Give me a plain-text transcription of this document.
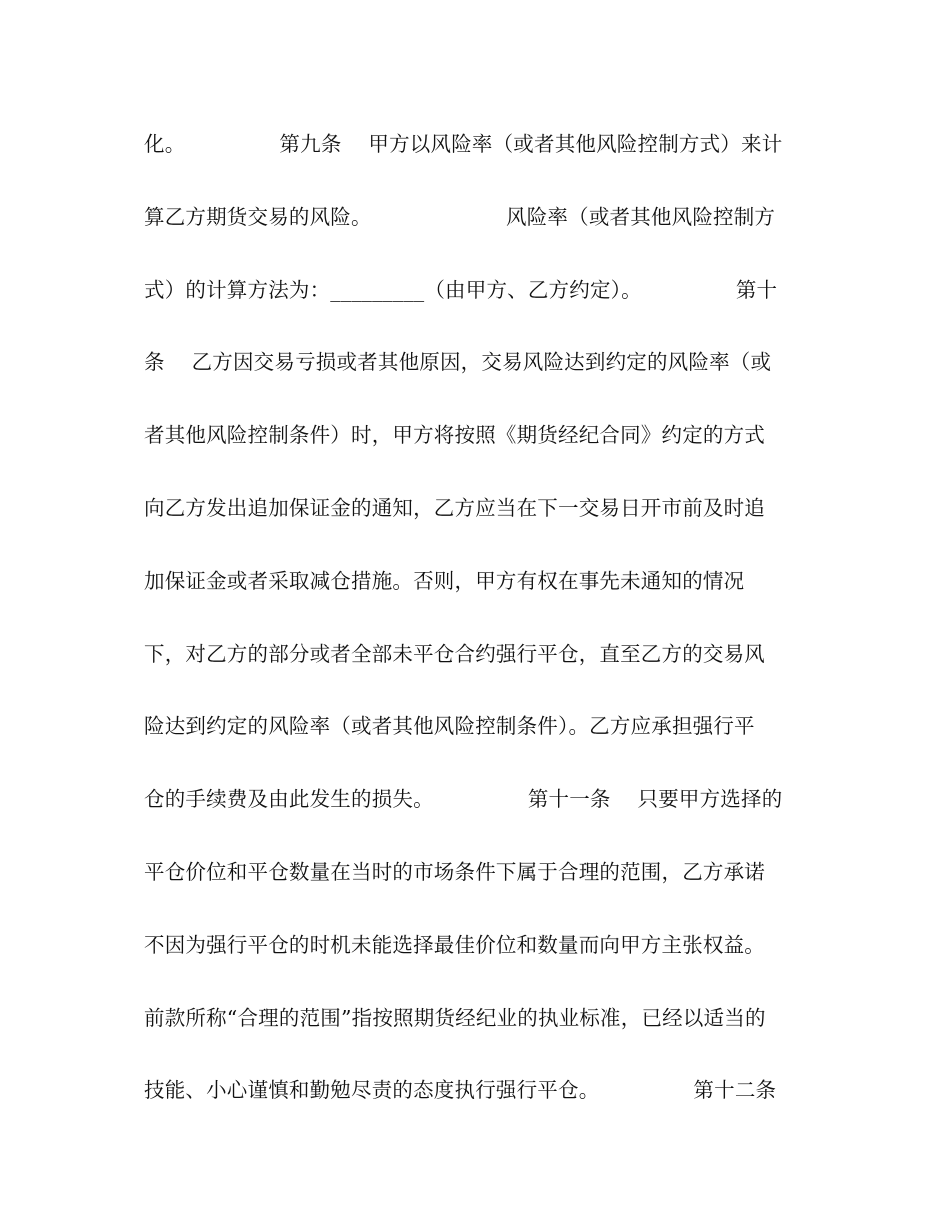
化。              第九条    甲方以风险率（或者其他风险控制方式）来计
算乙方期货交易的风险。                    风险率（或者其他风险控制方
式）的计算方法为：_________（由甲方、乙方约定）。              第十
条    乙方因交易亏损或者其他原因，交易风险达到约定的风险率（或
者其他风险控制条件）时，甲方将按照《期货经纪合同》约定的方式
向乙方发出追加保证金的通知，乙方应当在下一交易日开市前及时追
加保证金或者采取减仓措施。否则，甲方有权在事先未通知的情况
下，对乙方的部分或者全部未平仓合约强行平仓，直至乙方的交易风
险达到约定的风险率（或者其他风险控制条件）。乙方应承担强行平
仓的手续费及由此发生的损失。              第十一条    只要甲方选择的
平仓价位和平仓数量在当时的市场条件下属于合理的范围，乙方承诺
不因为强行平仓的时机未能选择最佳价位和数量而向甲方主张权益。
前款所称“合理的范围”指按照期货经纪业的执业标准，已经以适当的
技能、小心谨慎和勤勉尽责的态度执行强行平仓。              第十二条
